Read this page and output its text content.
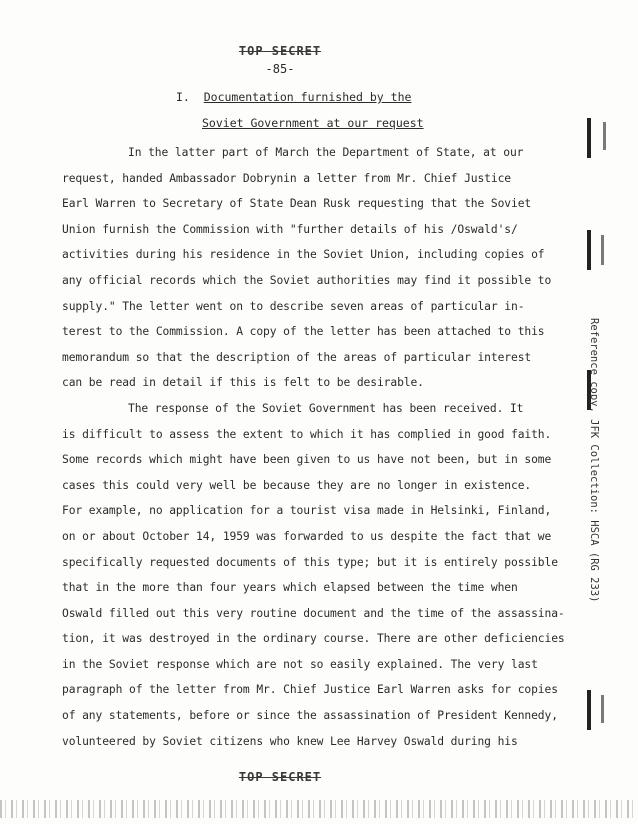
TOP SECRET
-85-
I. Documentation furnished by the
Soviet Government at our request
In the latter part of March the Department of State, at our
request, handed Ambassador Dobrynin a letter from Mr. Chief Justice
Earl Warren to Secretary of State Dean Rusk requesting that the Soviet
Union furnish the Commission with "further details of his /Oswald's/
activities during his residence in the Soviet Union, including copies of
any official records which the Soviet authorities may find it possible to
supply." The letter went on to describe seven areas of particular in-
terest to the Commission. A copy of the letter has been attached to this
memorandum so that the description of the areas of particular interest
can be read in detail if this is felt to be desirable.
The response of the Soviet Government has been received. It
is difficult to assess the extent to which it has complied in good faith.
Some records which might have been given to us have not been, but in some
cases this could very well be because they are no longer in existence.
For example, no application for a tourist visa made in Helsinki, Finland,
on or about October 14, 1959 was forwarded to us despite the fact that we
specifically requested documents of this type; but it is entirely possible
that in the more than four years which elapsed between the time when
Oswald filled out this very routine document and the time of the assassina-
tion, it was destroyed in the ordinary course. There are other deficiencies
in the Soviet response which are not so easily explained. The very last
paragraph of the letter from Mr. Chief Justice Earl Warren asks for copies
of any statements, before or since the assassination of President Kennedy,
volunteered by Soviet citizens who knew Lee Harvey Oswald during his
TOP SECRET
Reference copy, JFK Collection: HSCA (RG 233)
